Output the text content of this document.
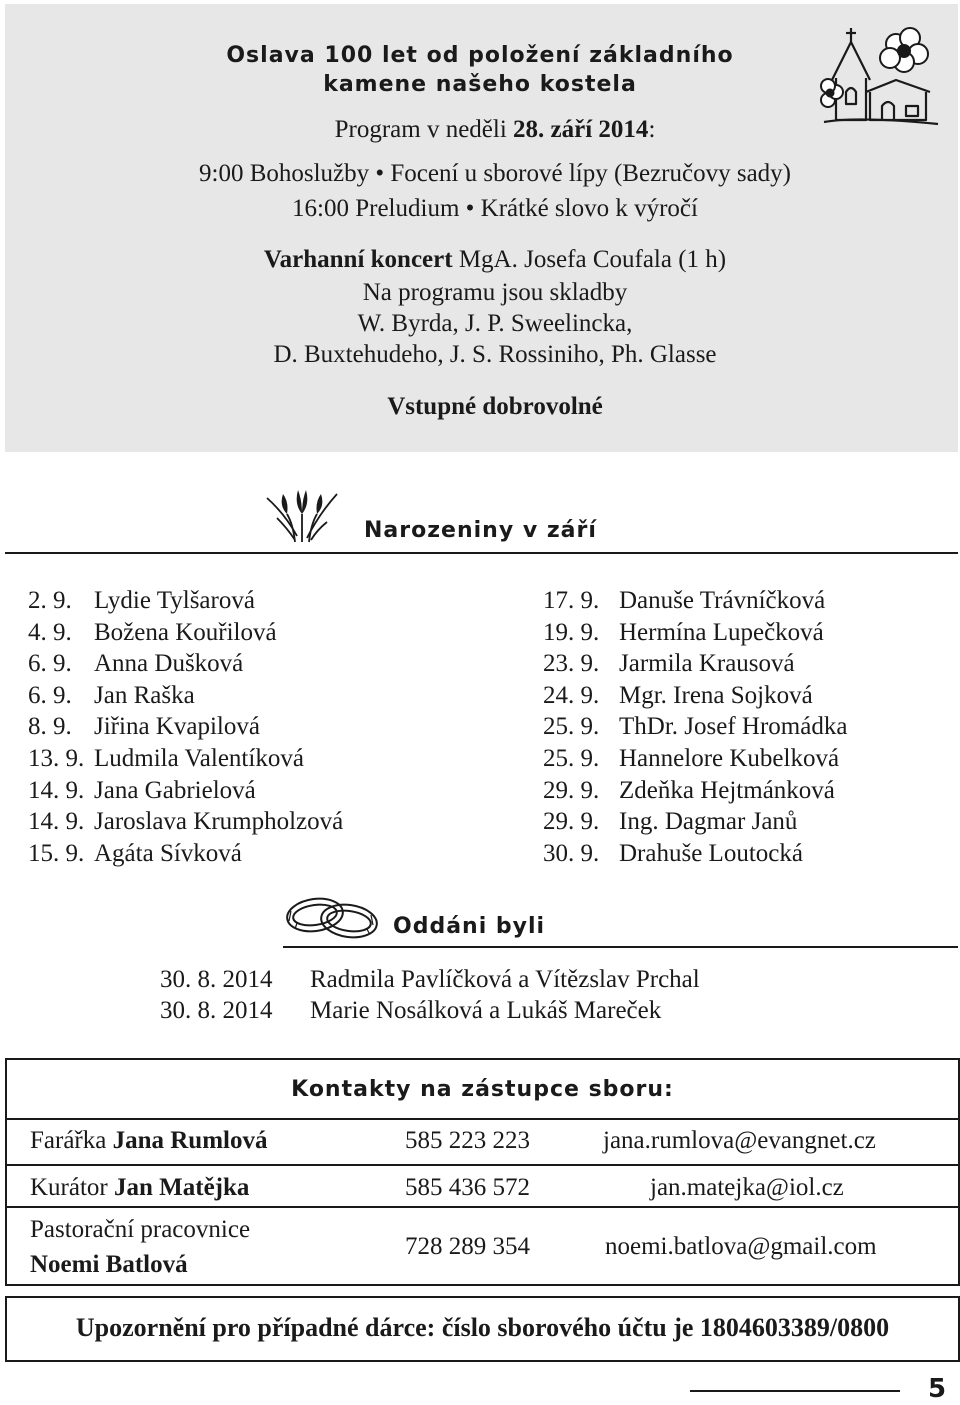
Oslava 100 let od položení základního
kamene našeho kostela
Program v neděli 28. září 2014:
9:00 Bohoslužby • Focení u sborové lípy (Bezručovy sady)
16:00 Preludium • Krátké slovo k výročí
Varhanní koncert MgA. Josefa Coufala (1 h)
Na programu jsou skladby
W. Byrda, J. P. Sweelincka,
D. Buxtehudeho, J. S. Rossiniho, Ph. Glasse
Vstupné dobrovolné
Narozeniny v září
2. 9. Lydie Tylšarová
4. 9. Božena Kouřilová
6. 9. Anna Dušková
6. 9. Jan Raška
8. 9. Jiřina Kvapilová
13. 9. Ludmila Valentíková
14. 9. Jana Gabrielová
14. 9. Jaroslava Krumpholzová
15. 9. Agáta Sívková
17. 9. Danuše Trávníčková
19. 9. Hermína Lupečková
23. 9. Jarmila Krausová
24. 9. Mgr. Irena Sojková
25. 9. ThDr. Josef Hromádka
25. 9. Hannelore Kubelková
29. 9. Zdeňka Hejtmánková
29. 9. Ing. Dagmar Janů
30. 9. Drahuše Loutocká
Oddáni byli
30. 8. 2014 Radmila Pavlíčková a Vítězslav Prchal
30. 8. 2014 Marie Nosálková a Lukáš Mareček
Kontakty na zástupce sboru:
Farářka Jana Rumlová	585 223 223	jana.rumlova@evangnet.cz
Kurátor Jan Matějka	585 436 572	jan.matejka@iol.cz
Pastorační pracovnice
Noemi Batlová
728 289 354	noemi.batlova@gmail.com
Upozornění pro případné dárce: číslo sborového účtu je 1804603389/0800
5
